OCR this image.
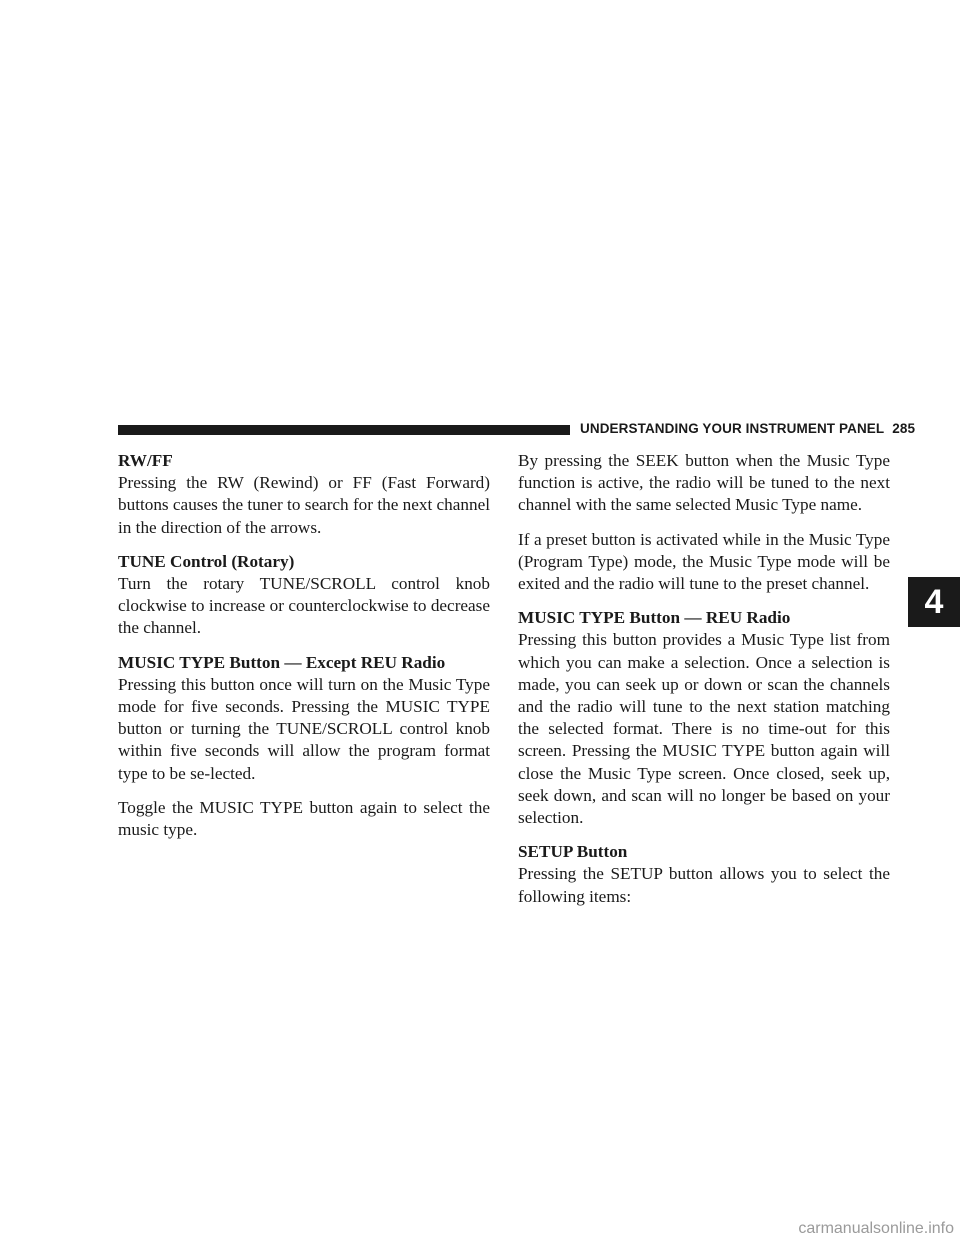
UNDERSTANDING YOUR INSTRUMENT PANEL 285

RW/FF

Pressing the RW (Rewind) or FF (Fast Forward) buttons causes the tuner to search for the next channel in the direction of the arrows.

TUNE Control (Rotary)

Turn the rotary TUNE/SCROLL control knob clockwise to increase or counterclockwise to decrease the channel.

MUSIC TYPE Button — Except REU Radio

Pressing this button once will turn on the Music Type mode for five seconds. Pressing the MUSIC TYPE button or turning the TUNE/SCROLL control knob within five seconds will allow the program format type to be se-lected.

Toggle the MUSIC TYPE button again to select the music type.

By pressing the SEEK button when the Music Type function is active, the radio will be tuned to the next channel with the same selected Music Type name.

If a preset button is activated while in the Music Type (Program Type) mode, the Music Type mode will be exited and the radio will tune to the preset channel.

MUSIC TYPE Button — REU Radio

Pressing this button provides a Music Type list from which you can make a selection. Once a selection is made, you can seek up or down or scan the channels and the radio will tune to the next station matching the selected format. There is no time-out for this screen. Pressing the MUSIC TYPE button again will close the Music Type screen. Once closed, seek up, seek down, and scan will no longer be based on your selection.

SETUP Button

Pressing the SETUP button allows you to select the following items:

4
carmanualsonline.info
